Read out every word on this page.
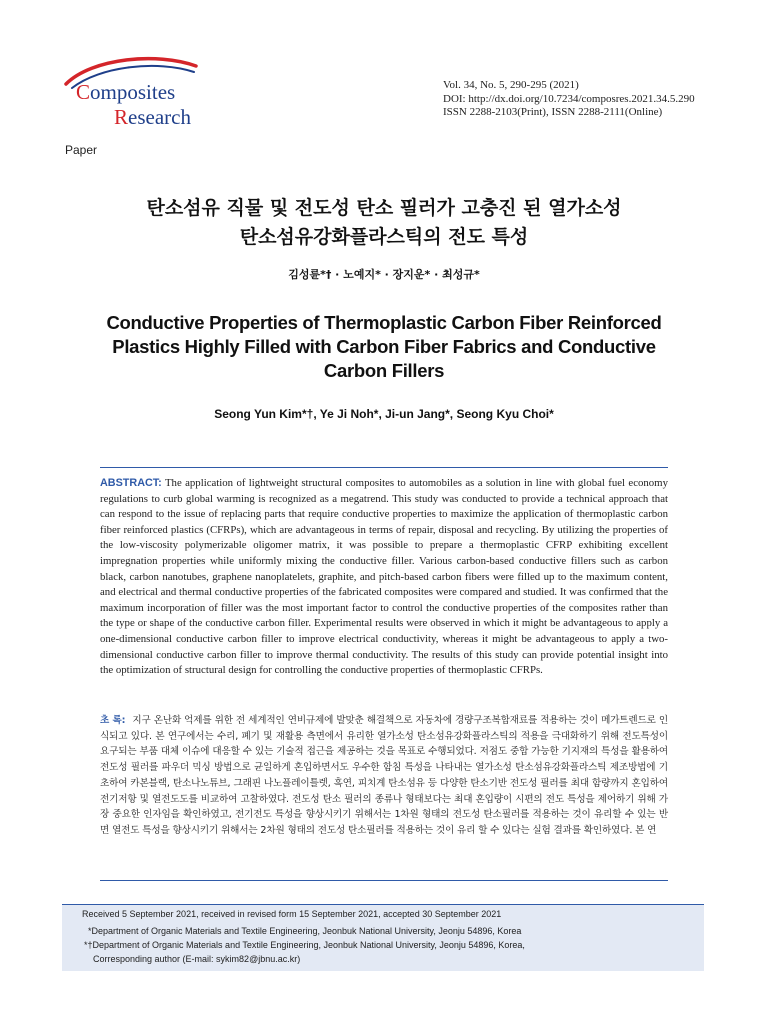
Composites
Research
Vol. 34, No. 5, 290-295 (2021)
DOI: http://dx.doi.org/10.7234/composres.2021.34.5.290
ISSN 2288-2103(Print), ISSN 2288-2111(Online)
Paper
탄소섬유 직물 및 전도성 탄소 필러가 고충진 된 열가소성
탄소섬유강화플라스틱의 전도 특성
김성륜*† · 노예지* · 장지운* · 최성규*
Conductive Properties of Thermoplastic Carbon Fiber Reinforced
Plastics Highly Filled with Carbon Fiber Fabrics and Conductive
Carbon Fillers
Seong Yun Kim*†, Ye Ji Noh*, Ji-un Jang*, Seong Kyu Choi*
ABSTRACT: The application of lightweight structural composites to automobiles as a solution in line with global fuel economy regulations to curb global warming is recognized as a megatrend. This study was conducted to provide a technical approach that can respond to the issue of replacing parts that require conductive properties to maximize the application of thermoplastic carbon fiber reinforced plastics (CFRPs), which are advantageous in terms of repair, disposal and recycling. By utilizing the properties of the low-viscosity polymerizable oligomer matrix, it was possible to prepare a thermoplastic CFRP exhibiting excellent impregnation properties while uniformly mixing the conductive filler. Various carbon-based conductive fillers such as carbon black, carbon nanotubes, graphene nanoplatelets, graphite, and pitch-based carbon fibers were filled up to the maximum content, and electrical and thermal conductive properties of the fabricated composites were compared and studied. It was confirmed that the maximum incorporation of filler was the most important factor to control the conductive properties of the composites rather than the type or shape of the conductive carbon filler. Experimental results were observed in which it might be advantageous to apply a one-dimensional conductive carbon filler to improve electrical conductivity, whereas it might be advantageous to apply a two-dimensional conductive carbon filler to improve thermal conductivity. The results of this study can provide potential insight into the optimization of structural design for controlling the conductive properties of thermoplastic CFRPs.
초 록: 지구 온난화 억제를 위한 전 세계적인 연비규제에 발맞춘 해결책으로 자동차에 경량구조복합재료를 적용하는 것이 메가트렌드로 인식되고 있다. 본 연구에서는 수리, 폐기 및 재활용 측면에서 유리한 열가소성 탄소섬유강화플라스틱의 적용을 극대화하기 위해 전도특성이 요구되는 부품 대체 이슈에 대응할 수 있는 기술적 접근을 제공하는 것을 목표로 수행되었다. 저점도 중합 가능한 기지재의 특성을 활용하여 전도성 필러를 파우더 믹싱 방법으로 균일하게 혼입하면서도 우수한 함침 특성을 나타내는 열가소성 탄소섬유강화플라스틱 제조방법에 기초하여 카본블랙, 탄소나노튜브, 그래핀 나노플레이틀렛, 흑연, 피치계 탄소섬유 등 다양한 탄소기반 전도성 필러를 최대 함량까지 혼입하여 전기저항 및 열전도도를 비교하여 고찰하였다. 전도성 탄소 필러의 종류나 형태보다는 최대 혼입량이 시편의 전도 특성을 제어하기 위해 가장 중요한 인자임을 확인하였고, 전기전도 특성을 향상시키기 위해서는 1차원 형태의 전도성 탄소필러를 적용하는 것이 유리할 수 있는 반면 열전도 특성을 향상시키기 위해서는 2차원 형태의 전도성 탄소필러를 적용하는 것이 유리 할 수 있다는 실험 결과를 확인하였다. 본 연
Received 5 September 2021, received in revised form 15 September 2021, accepted 30 September 2021
*Department of Organic Materials and Textile Engineering, Jeonbuk National University, Jeonju 54896, Korea
*†Department of Organic Materials and Textile Engineering, Jeonbuk National University, Jeonju 54896, Korea,
Corresponding author (E-mail: sykim82@jbnu.ac.kr)
